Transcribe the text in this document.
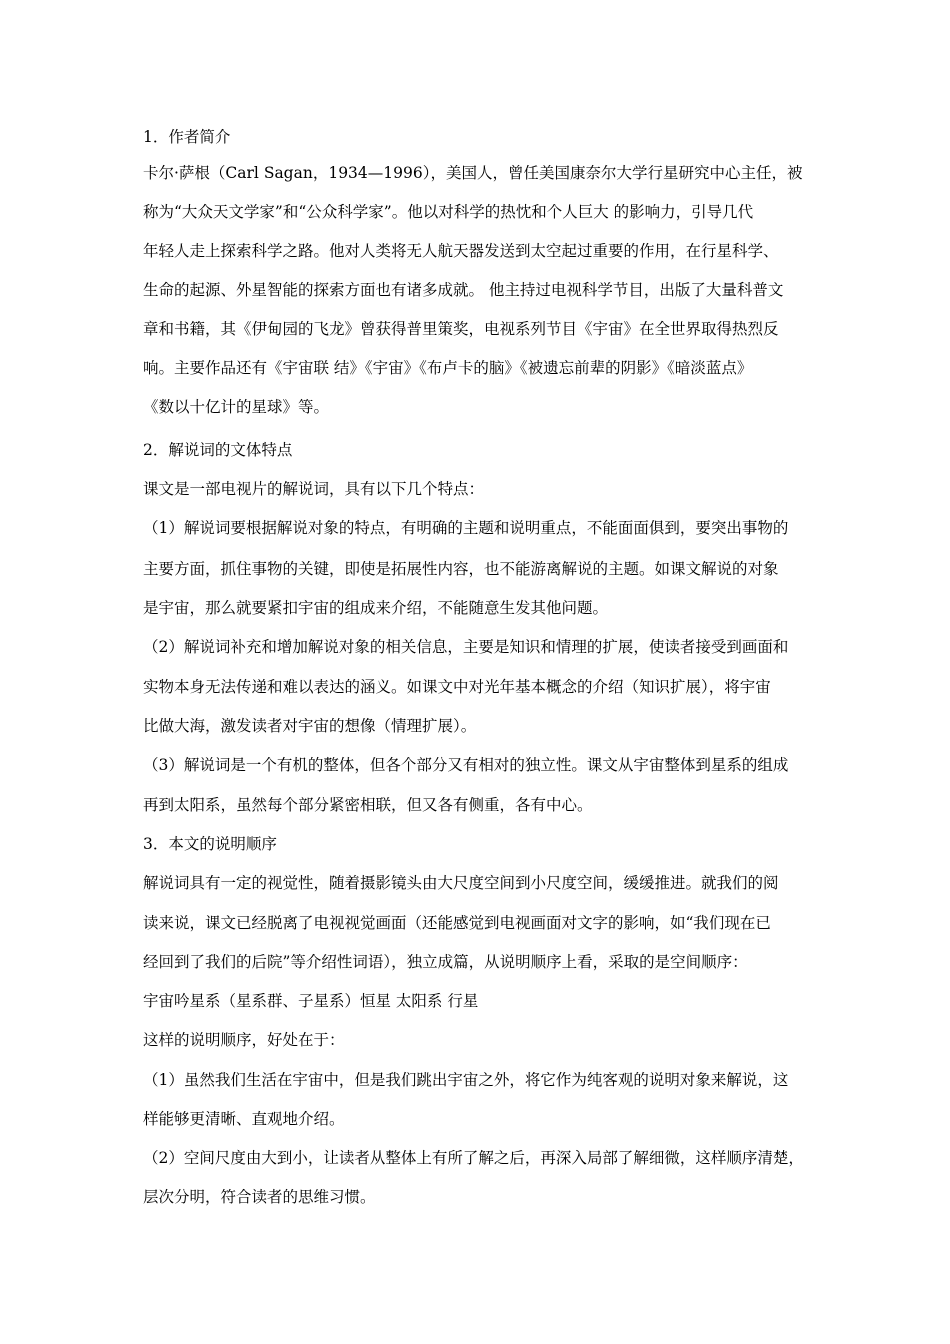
1．作者简介
卡尔·萨根（Carl Sagan，1934—1996），美国人，曾任美国康奈尔大学行星研究中心主任，被
称为“大众天文学家”和“公众科学家”。他以对科学的热忱和个人巨大 的影响力，引导几代
年轻人走上探索科学之路。他对人类将无人航天器发送到太空起过重要的作用，在行星科学、
生命的起源、外星智能的探索方面也有诸多成就。 他主持过电视科学节目，出版了大量科普文
章和书籍，其《伊甸园的飞龙》曾获得普里策奖，电视系列节目《宇宙》在全世界取得热烈反
响。主要作品还有《宇宙联 结》《宇宙》《布卢卡的脑》《被遗忘前辈的阴影》《暗淡蓝点》
《数以十亿计的星球》等。
2．解说词的文体特点
课文是一部电视片的解说词，具有以下几个特点：
（1）解说词要根据解说对象的特点，有明确的主题和说明重点，不能面面俱到，要突出事物的
主要方面，抓住事物的关键，即使是拓展性内容，也不能游离解说的主题。如课文解说的对象
是宇宙，那么就要紧扣宇宙的组成来介绍，不能随意生发其他问题。
（2）解说词补充和增加解说对象的相关信息，主要是知识和情理的扩展，使读者接受到画面和
实物本身无法传递和难以表达的涵义。如课文中对光年基本概念的介绍（知识扩展），将宇宙
比做大海，激发读者对宇宙的想像（情理扩展）。
（3）解说词是一个有机的整体，但各个部分又有相对的独立性。课文从宇宙整体到星系的组成
再到太阳系，虽然每个部分紧密相联，但又各有侧重，各有中心。
3．本文的说明顺序
解说词具有一定的视觉性，随着摄影镜头由大尺度空间到小尺度空间，缓缓推进。就我们的阅
读来说，课文已经脱离了电视视觉画面（还能感觉到电视画面对文字的影响，如“我们现在已
经回到了我们的后院”等介绍性词语），独立成篇，从说明顺序上看，采取的是空间顺序：
宇宙吟星系（星系群、子星系）恒星 太阳系 行星
这样的说明顺序，好处在于：
（1）虽然我们生活在宇宙中，但是我们跳出宇宙之外，将它作为纯客观的说明对象来解说，这
样能够更清晰、直观地介绍。
（2）空间尺度由大到小，让读者从整体上有所了解之后，再深入局部了解细微，这样顺序清楚，
层次分明，符合读者的思维习惯。
